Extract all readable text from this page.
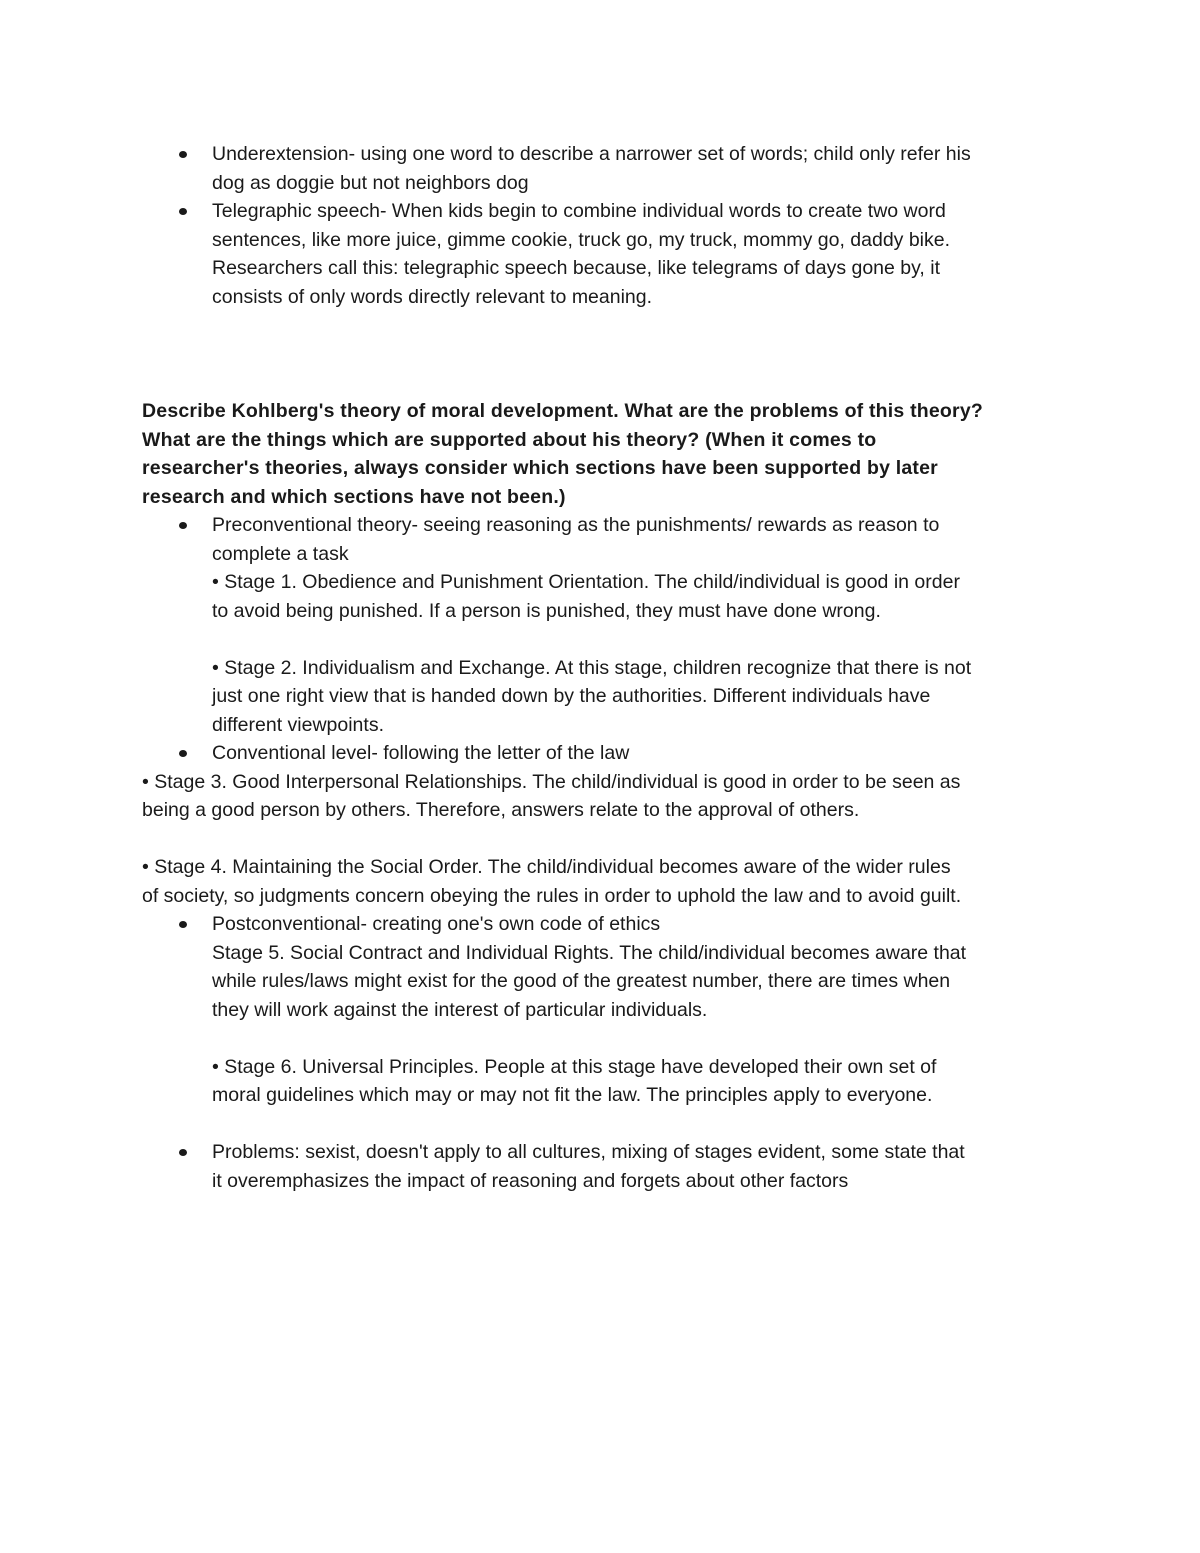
Underextension- using one word to describe a narrower set of words; child only refer his
dog as doggie but not neighbors dog
Telegraphic speech- When kids begin to combine individual words to create two word
sentences, like more juice, gimme cookie, truck go, my truck, mommy go, daddy bike.
Researchers call this: telegraphic speech because, like telegrams of days gone by, it
consists of only words directly relevant to meaning.
Describe Kohlberg's theory of moral development. What are the problems of this theory?
What are the things which are supported about his theory? (When it comes to
researcher's theories, always consider which sections have been supported by later
research and which sections have not been.)
Preconventional theory- seeing reasoning as the punishments/ rewards as reason to
complete a task
• Stage 1. Obedience and Punishment Orientation. The child/individual is good in order
to avoid being punished. If a person is punished, they must have done wrong.
• Stage 2. Individualism and Exchange. At this stage, children recognize that there is not
just one right view that is handed down by the authorities. Different individuals have
different viewpoints.
Conventional level- following the letter of the law
• Stage 3. Good Interpersonal Relationships. The child/individual is good in order to be seen as
being a good person by others. Therefore, answers relate to the approval of others.
• Stage 4. Maintaining the Social Order. The child/individual becomes aware of the wider rules
of society, so judgments concern obeying the rules in order to uphold the law and to avoid guilt.
Postconventional- creating one's own code of ethics
Stage 5. Social Contract and Individual Rights. The child/individual becomes aware that
while rules/laws might exist for the good of the greatest number, there are times when
they will work against the interest of particular individuals.
• Stage 6. Universal Principles. People at this stage have developed their own set of
moral guidelines which may or may not fit the law. The principles apply to everyone.
Problems: sexist, doesn't apply to all cultures, mixing of stages evident, some state that
it overemphasizes the impact of reasoning and forgets about other factors
